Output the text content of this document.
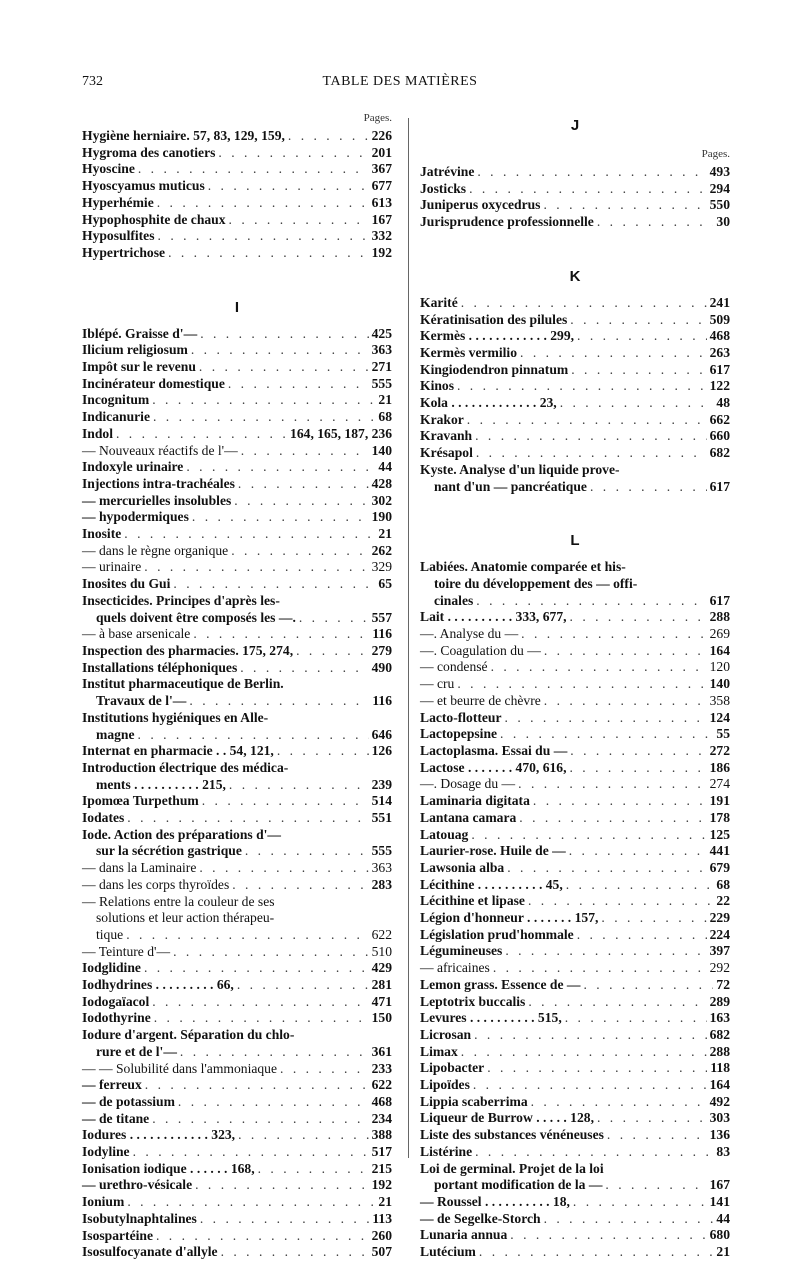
732	TABLE DES MATIÈRES
Pages.
Hygiène herniaire. 57, 83, 129, 159, . . .	226
Hygroma des canotiers . . .	201
Hyoscine . . .	367
Hyoscyamus muticus . . .	677
Hyperhémie . . .	613
Hypophosphite de chaux . . .	167
Hyposulfites . . .	332
Hypertrichose . . .	192
I
Iblépé. Graisse d'— . . .	425
Ilicium religiosum . . .	363
Impôt sur le revenu . . .	271
Incinérateur domestique . . .	555
Incognitum . . .	21
Indicanurie . . .	68
Indol . . .	164, 165, 187, 236
— Nouveaux réactifs de l'— . . .	140
Indoxyle urinaire . . .	44
Injections intra-trachéales . . .	428
— mercurielles insolubles . . .	302
— hypodermiques . . .	190
Inosite . . .	21
— dans le règne organique . . .	262
— urinaire . . .	329
Inosites du Gui . . .	65
Insecticides. Principes d'après les-
quels doivent être composés les —. . . .	557
— à base arsenicale . . .	116
Inspection des pharmacies. 175, 274, . . .	279
Installations téléphoniques . . .	490
Institut pharmaceutique de Berlin.
Travaux de l'— . . .	116
Institutions hygiéniques en Alle-
magne . . .	646
Internat en pharmacie . . 54, 121, . . .	126
Introduction électrique des médica-
ments . . . . . . . . . . 215, . . .	239
Ipomœa Turpethum . . .	514
Iodates . . .	551
Iode. Action des préparations d'—
sur la sécrétion gastrique . . .	555
— dans la Laminaire . . .	363
— dans les corps thyroïdes . . .	283
— Relations entre la couleur de ses
solutions et leur action thérapeu-
tique . . .	622
— Teinture d'— . . .	510
Iodglidine . . .	429
Iodhydrines . . . . . . . . . 66, . . .	281
Iodogaïacol . . .	471
Iodothyrine . . .	150
Iodure d'argent. Séparation du chlo-
rure et de l'— . . .	361
— — Solubilité dans l'ammoniaque . . .	233
— ferreux . . .	622
— de potassium . . .	468
— de titane . . .	234
Iodures . . . . . . . . . . . . 323, . . .	388
Iodyline . . .	517
Ionisation iodique . . . . . . 168, . . .	215
— urethro-vésicale . . .	192
Ionium . . .	21
Isobutylnaphtalines . . .	113
Isospartéine . . .	260
Isosulfocyanate d'allyle . . .	507
J
Pages.
Jatrévine . . .	493
Josticks . . .	294
Juniperus oxycedrus . . .	550
Jurisprudence professionnelle . . .	30
K
Karité . . .	241
Kératinisation des pilules . . .	509
Kermès . . . . . . . . . . . . 299, . . .	468
Kermès vermilio . . .	263
Kingiodendron pinnatum . . .	617
Kinos . . .	122
Kola . . . . . . . . . . . . . 23, . . .	48
Krakor . . .	662
Kravanh . . .	660
Krésapol . . .	682
Kyste. Analyse d'un liquide prove-
nant d'un — pancréatique . . .	617
L
Labiées. Anatomie comparée et his-
toire du développement des — offi-
cinales . . .	617
Lait . . . . . . . . . . 333, 677, . . .	288
—. Analyse du — . . .	269
—. Coagulation du — . . .	164
— condensé . . .	120
— cru . . .	140
— et beurre de chèvre . . .	358
Lacto-flotteur . . .	124
Lactopepsine . . .	55
Lactoplasma. Essai du — . . .	272
Lactose . . . . . . . 470, 616, . . .	186
—. Dosage du — . . .	274
Laminaria digitata . . .	191
Lantana camara . . .	178
Latouag . . .	125
Laurier-rose. Huile de — . . .	441
Lawsonia alba . . .	679
Lécithine . . . . . . . . . . 45, . . .	68
Lécithine et lipase . . .	22
Légion d'honneur . . . . . . . 157, . . .	229
Législation prud'hommale . . .	224
Légumineuses . . .	397
— africaines . . .	292
Lemon grass. Essence de — . . .	72
Leptotrix buccalis . . .	289
Levures . . . . . . . . . . 515, . . .	163
Licrosan . . .	682
Limax . . .	288
Lipobacter . . .	118
Lipoïdes . . .	164
Lippia scaberrima . . .	492
Liqueur de Burrow . . . . . 128, . . .	303
Liste des substances vénéneuses . . .	136
Listérine . . .	83
Loi de germinal. Projet de la loi
portant modification de la — . . .	167
— Roussel . . . . . . . . . . 18, . . .	141
— de Segelke-Storch . . .	44
Lunaria annua . . .	680
Lutécium . . .	21
